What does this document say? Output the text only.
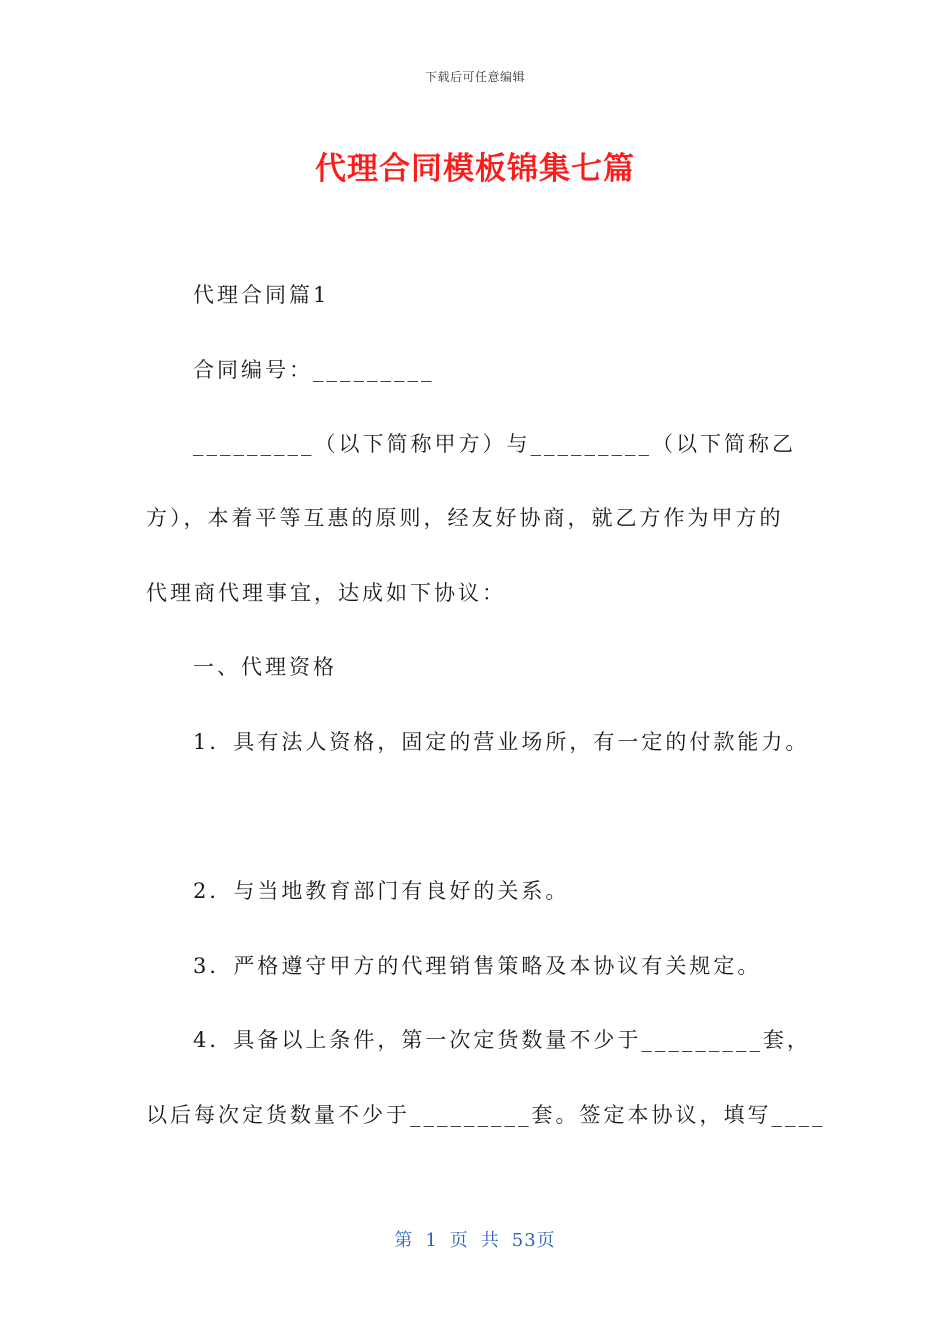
下载后可任意编辑
代理合同模板锦集七篇
代理合同篇1
合同编号：_________
_________（以下简称甲方）与_________（以下简称乙
方），本着平等互惠的原则，经友好协商，就乙方作为甲方的
代理商代理事宜，达成如下协议：
一、代理资格
1．具有法人资格，固定的营业场所，有一定的付款能力。
2．与当地教育部门有良好的关系。
3．严格遵守甲方的代理销售策略及本协议有关规定。
4．具备以上条件，第一次定货数量不少于_________套，
以后每次定货数量不少于_________套。签定本协议，填写____
第 1 页 共 53页
